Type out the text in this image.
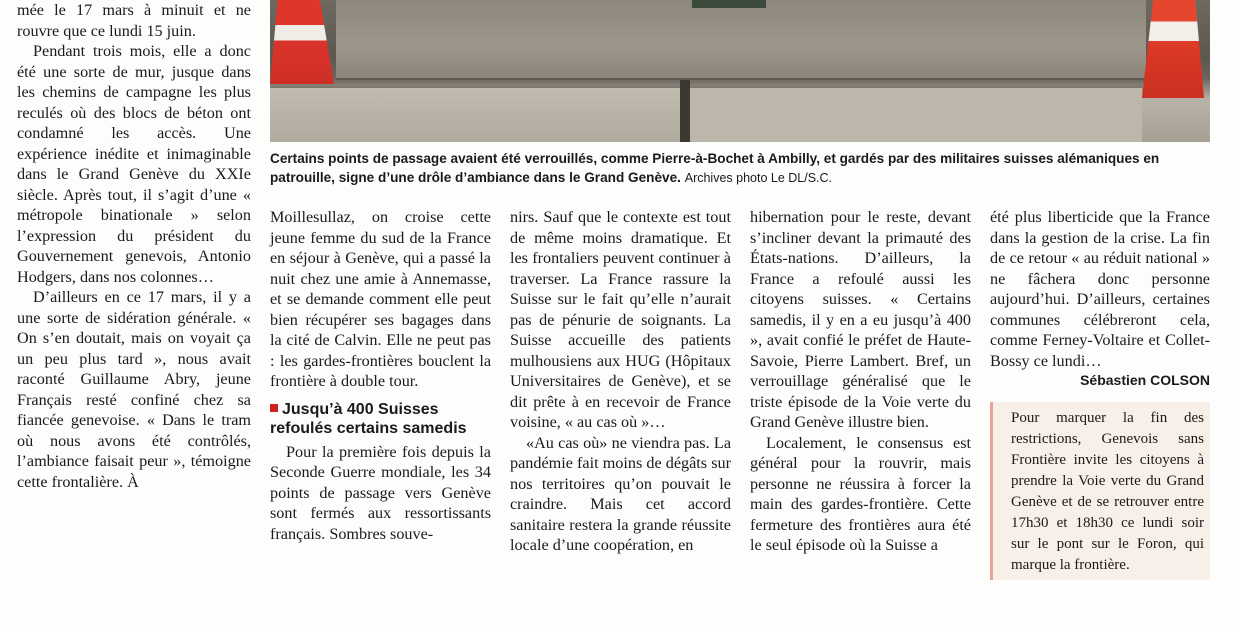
mée le 17 mars à minuit et ne rouvre que ce lundi 15 juin.

Pendant trois mois, elle a donc été une sorte de mur, jusque dans les chemins de campagne les plus reculés où des blocs de béton ont condamné les accès. Une expérience inédite et inimaginable dans le Grand Genève du XXIe siècle. Après tout, il s’agit d’une « métropole binationale » selon l’expression du président du Gouvernement genevois, Antonio Hodgers, dans nos colonnes…

D’ailleurs en ce 17 mars, il y a une sorte de sidération générale. « On s’en doutait, mais on voyait ça un peu plus tard », nous avait raconté Guillaume Abry, jeune Français resté confiné chez sa fiancée genevoise. « Dans le tram où nous avons été contrôlés, l’ambiance faisait peur », témoigne cette frontalière. À

Certains points de passage avaient été verrouillés, comme Pierre-à-Bochet à Ambilly, et gardés par des militaires suisses alémaniques en patrouille, signe d’une drôle d’ambiance dans le Grand Genève. Archives photo Le DL/S.C.

Moillesullaz, on croise cette jeune femme du sud de la France en séjour à Genève, qui a passé la nuit chez une amie à Annemasse, et se demande comment elle peut bien récupérer ses bagages dans la cité de Calvin. Elle ne peut pas : les gardes-frontières bouclent la frontière à double tour.

Jusqu’à 400 Suisses refoulés certains samedis

Pour la première fois depuis la Seconde Guerre mondiale, les 34 points de passage vers Genève sont fermés aux ressortissants français. Sombres souve-

nirs. Sauf que le contexte est tout de même moins dramatique. Et les frontaliers peuvent continuer à traverser. La France rassure la Suisse sur le fait qu’elle n’aurait pas de pénurie de soignants. La Suisse accueille des patients mulhousiens aux HUG (Hôpitaux Universitaires de Genève), et se dit prête à en recevoir de France voisine, « au cas où »…

«Au cas où» ne viendra pas. La pandémie fait moins de dégâts sur nos territoires qu’on pouvait le craindre. Mais cet accord sanitaire restera la grande réussite locale d’une coopération, en

hibernation pour le reste, devant s’incliner devant la primauté des États-nations. D’ailleurs, la France a refoulé aussi les citoyens suisses. « Certains samedis, il y en a eu jusqu’à 400 », avait confié le préfet de Haute-Savoie, Pierre Lambert. Bref, un verrouillage généralisé que le triste épisode de la Voie verte du Grand Genève illustre bien.

Localement, le consensus est général pour la rouvrir, mais personne ne réussira à forcer la main des gardes-frontière. Cette fermeture des frontières aura été le seul épisode où la Suisse a

été plus liberticide que la France dans la gestion de la crise. La fin de ce retour « au réduit national » ne fâchera donc personne aujourd’hui. D’ailleurs, certaines communes célébreront cela, comme Ferney-Voltaire et Collet-Bossy ce lundi…

Sébastien COLSON

Pour marquer la fin des restrictions, Genevois sans Frontière invite les citoyens à prendre la Voie verte du Grand Genève et de se retrouver entre 17h30 et 18h30 ce lundi soir sur le pont sur le Foron, qui marque la frontière.
